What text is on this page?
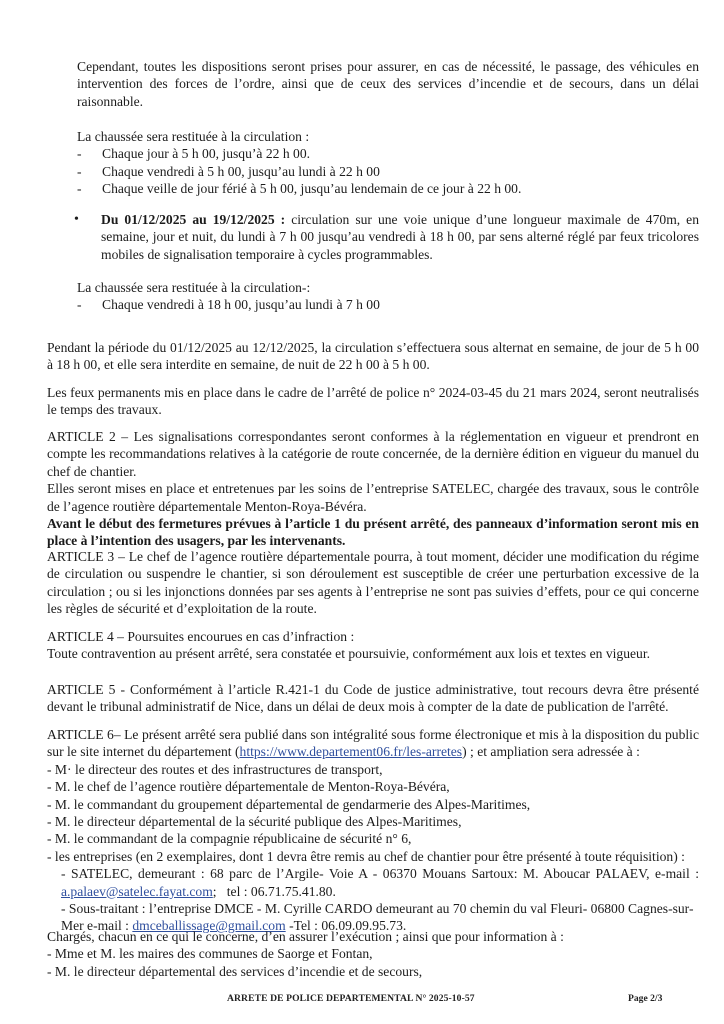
Cependant, toutes les dispositions seront prises pour assurer, en cas de nécessité, le passage, des véhicules en intervention des forces de l’ordre, ainsi que de ceux des services d’incendie et de secours, dans un délai raisonnable.

La chaussée sera restituée à la circulation :

- Chaque jour à 5 h 00, jusqu’à 22 h 00.
- Chaque vendredi à 5 h 00, jusqu’au lundi à 22 h 00
- Chaque veille de jour férié à 5 h 00, jusqu’au lendemain de ce jour à 22 h 00.
• Du 01/12/2025 au 19/12/2025 : circulation sur une voie unique d’une longueur maximale de 470m, en semaine, jour et nuit, du lundi à 7 h 00 jusqu’au vendredi à 18 h 00, par sens alterné réglé par feux tricolores mobiles de signalisation temporaire à cycles programmables.

La chaussée sera restituée à la circulation-:

- Chaque vendredi à 18 h 00, jusqu’au lundi à 7 h 00

Pendant la période du 01/12/2025 au 12/12/2025, la circulation s’effectuera sous alternat en semaine, de jour de 5 h 00 à 18 h 00, et elle sera interdite en semaine, de nuit de 22 h 00 à 5 h 00.

Les feux permanents mis en place dans le cadre de l’arrêté de police n° 2024-03-45 du 21 mars 2024, seront neutralisés le temps des travaux.

ARTICLE 2 – Les signalisations correspondantes seront conformes à la réglementation en vigueur et prendront en compte les recommandations relatives à la catégorie de route concernée, de la dernière édition en vigueur du manuel du chef de chantier.

Elles seront mises en place et entretenues par les soins de l’entreprise SATELEC, chargée des travaux, sous le contrôle de l’agence routière départementale Menton-Roya-Bévéra.

Avant le début des fermetures prévues à l’article 1 du présent arrêté, des panneaux d’information seront mis en place à l’intention des usagers, par les intervenants.

ARTICLE 3 – Le chef de l’agence routière départementale pourra, à tout moment, décider une modification du régime de circulation ou suspendre le chantier, si son déroulement est susceptible de créer une perturbation excessive de la circulation ; ou si les injonctions données par ses agents à l’entreprise ne sont pas suivies d’effets, pour ce qui concerne les règles de sécurité et d’exploitation de la route.

ARTICLE 4 – Poursuites encourues en cas d’infraction :

Toute contravention au présent arrêté, sera constatée et poursuivie, conformément aux lois et textes en vigueur.

ARTICLE 5 - Conformément à l’article R.421-1 du Code de justice administrative, tout recours devra être présenté devant le tribunal administratif de Nice, dans un délai de deux mois à compter de la date de publication de l'arrêté.

ARTICLE 6– Le présent arrêté sera publié dans son intégralité sous forme électronique et mis à la disposition du public sur le site internet du département (https://www.departement06.fr/les-arretes) ; et ampliation sera adressée à :

- M· le directeur des routes et des infrastructures de transport,
- M. le chef de l’agence routière départementale de Menton-Roya-Bévéra,
- M. le commandant du groupement départemental de gendarmerie des Alpes-Maritimes,
- M. le directeur départemental de la sécurité publique des Alpes-Maritimes,
- M. le commandant de la compagnie républicaine de sécurité n° 6,
- les entreprises (en 2 exemplaires, dont 1 devra être remis au chef de chantier pour être présenté à toute réquisition) :

- SATELEC, demeurant : 68 parc de l’Argile- Voie A - 06370 Mouans Sartoux: M. Aboucar PALAEV, e-mail : a.palaev@satelec.fayat.com;   tel : 06.71.75.41.80.

- Sous-traitant : l’entreprise DMCE - M. Cyrille CARDO demeurant au 70 chemin du val Fleuri- 06800 Cagnes-sur-Mer e-mail : dmceballissage@gmail.com -Tel : 06.09.09.95.73.

Chargés, chacun en ce qui le concerne, d’en assurer l’exécution ; ainsi que pour information à :

- Mme et M. les maires des communes de Saorge et Fontan,

- M. le directeur départemental des services d’incendie et de secours,

ARRETE DE POLICE DEPARTEMENTAL N° 2025-10-57	Page 2/3
